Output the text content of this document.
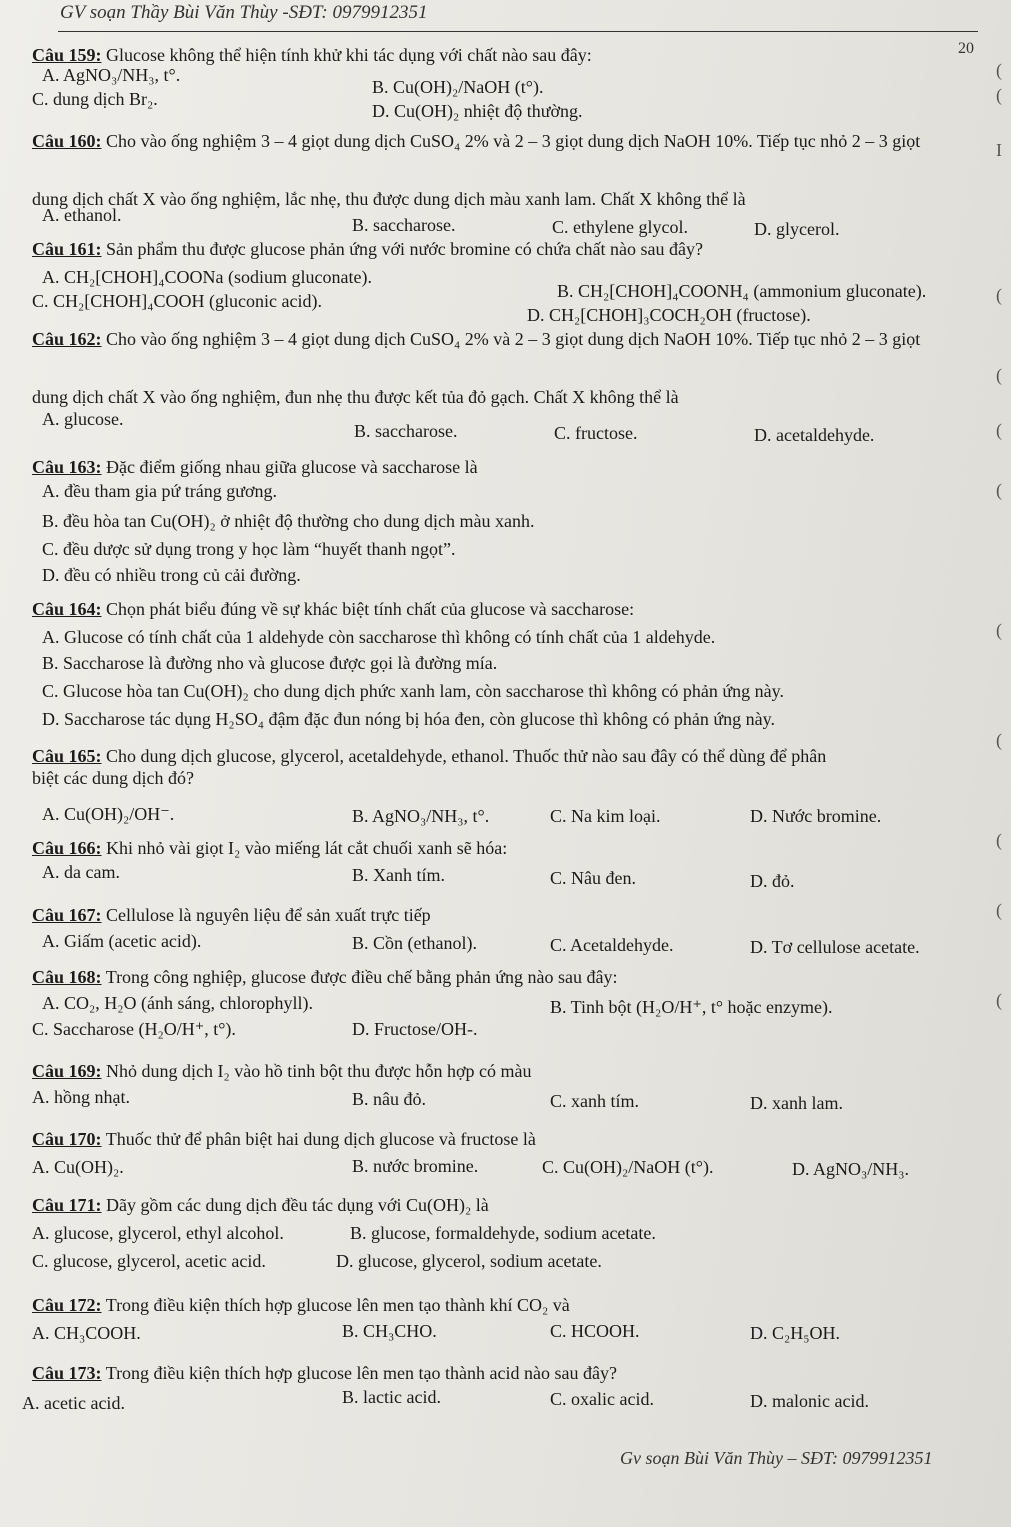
GV soạn Thầy Bùi Văn Thùy -SĐT: 0979912351
20
(
(
I
(
(
(
(
(
(
(
(
(
Câu 159: Glucose không thể hiện tính khử khi tác dụng với chất nào sau đây:
A. AgNO₃/NH₃, t°.
B. Cu(OH)₂/NaOH (t°).
C. dung dịch Br₂.
D. Cu(OH)₂ nhiệt độ thường.
Câu 160: Cho vào ống nghiệm 3 – 4 giọt dung dịch CuSO₄ 2% và 2 – 3 giọt dung dịch NaOH 10%. Tiếp tục nhỏ 2 – 3 giọt
dung dịch chất X vào ống nghiệm, lắc nhẹ, thu được dung dịch màu xanh lam. Chất X không thể là
A. ethanol.	B. saccharose.	C. ethylene glycol.	D. glycerol.
Câu 161: Sản phẩm thu được glucose phản ứng với nước bromine có chứa chất nào sau đây?
A. CH₂[CHOH]₄COONa (sodium gluconate).
B. CH₂[CHOH]₄COONH₄ (ammonium gluconate).
C. CH₂[CHOH]₄COOH (gluconic acid).
D. CH₂[CHOH]₃COCH₂OH (fructose).
Câu 162: Cho vào ống nghiệm 3 – 4 giọt dung dịch CuSO₄ 2% và 2 – 3 giọt dung dịch NaOH 10%. Tiếp tục nhỏ 2 – 3 giọt
dung dịch chất X vào ống nghiệm, đun nhẹ thu được kết tủa đỏ gạch. Chất X không thể là
A. glucose.
B. saccharose.	C. fructose.	D. acetaldehyde.
Câu 163: Đặc điểm giống nhau giữa glucose và saccharose là
A. đều tham gia pứ tráng gương.
B. đều hòa tan Cu(OH)₂ ở nhiệt độ thường cho dung dịch màu xanh.
C. đều dược sử dụng trong y học làm “huyết thanh ngọt”.
D. đều có nhiều trong củ cải đường.
Câu 164: Chọn phát biểu đúng về sự khác biệt tính chất của glucose và saccharose:
A. Glucose có tính chất của 1 aldehyde còn saccharose thì không có tính chất của 1 aldehyde.
B. Saccharose là đường nho và glucose được gọi là đường mía.
C. Glucose hòa tan Cu(OH)₂ cho dung dịch phức xanh lam, còn saccharose thì không có phản ứng này.
D. Saccharose tác dụng H₂SO₄ đậm đặc đun nóng bị hóa đen, còn glucose thì không có phản ứng này.
Câu 165: Cho dung dịch glucose, glycerol, acetaldehyde, ethanol. Thuốc thử nào sau đây có thể dùng để phân
biệt các dung dịch đó?
A. Cu(OH)₂/OH⁻.	B. AgNO₃/NH₃, t°.	C. Na kim loại.	D. Nước bromine.
Câu 166: Khi nhỏ vài giọt I₂ vào miếng lát cắt chuối xanh sẽ hóa:
A. da cam.	B. Xanh tím.	C. Nâu đen.	D. đỏ.
Câu 167: Cellulose là nguyên liệu để sản xuất trực tiếp
A. Giấm (acetic acid).	B. Cồn (ethanol).	C. Acetaldehyde.	D. Tơ cellulose acetate.
Câu 168: Trong công nghiệp, glucose được điều chế bằng phản ứng nào sau đây:
A. CO₂, H₂O (ánh sáng, chlorophyll).	B. Tinh bột (H₂O/H⁺, t° hoặc enzyme).
C. Saccharose (H₂O/H⁺, t°).	D. Fructose/OH-.
Câu 169: Nhỏ dung dịch I₂ vào hồ tinh bột thu được hỗn hợp có màu
A. hồng nhạt.	B. nâu đỏ.	C. xanh tím.	D. xanh lam.
Câu 170: Thuốc thử để phân biệt hai dung dịch glucose và fructose là
A. Cu(OH)₂.	B. nước bromine.	C. Cu(OH)₂/NaOH (t°).	D. AgNO₃/NH₃.
Câu 171: Dãy gồm các dung dịch đều tác dụng với Cu(OH)₂ là
A. glucose, glycerol, ethyl alcohol.	B. glucose, formaldehyde, sodium acetate.
C. glucose, glycerol, acetic acid.	D. glucose, glycerol, sodium acetate.
Câu 172: Trong điều kiện thích hợp glucose lên men tạo thành khí CO₂ và
A. CH₃COOH.	B. CH₃CHO.	C. HCOOH.	D. C₂H₅OH.
Câu 173: Trong điều kiện thích hợp glucose lên men tạo thành acid nào sau đây?
A. acetic acid.	B. lactic acid.	C. oxalic acid.	D. malonic acid.
Gv soạn Bùi Văn Thùy – SĐT: 0979912351
